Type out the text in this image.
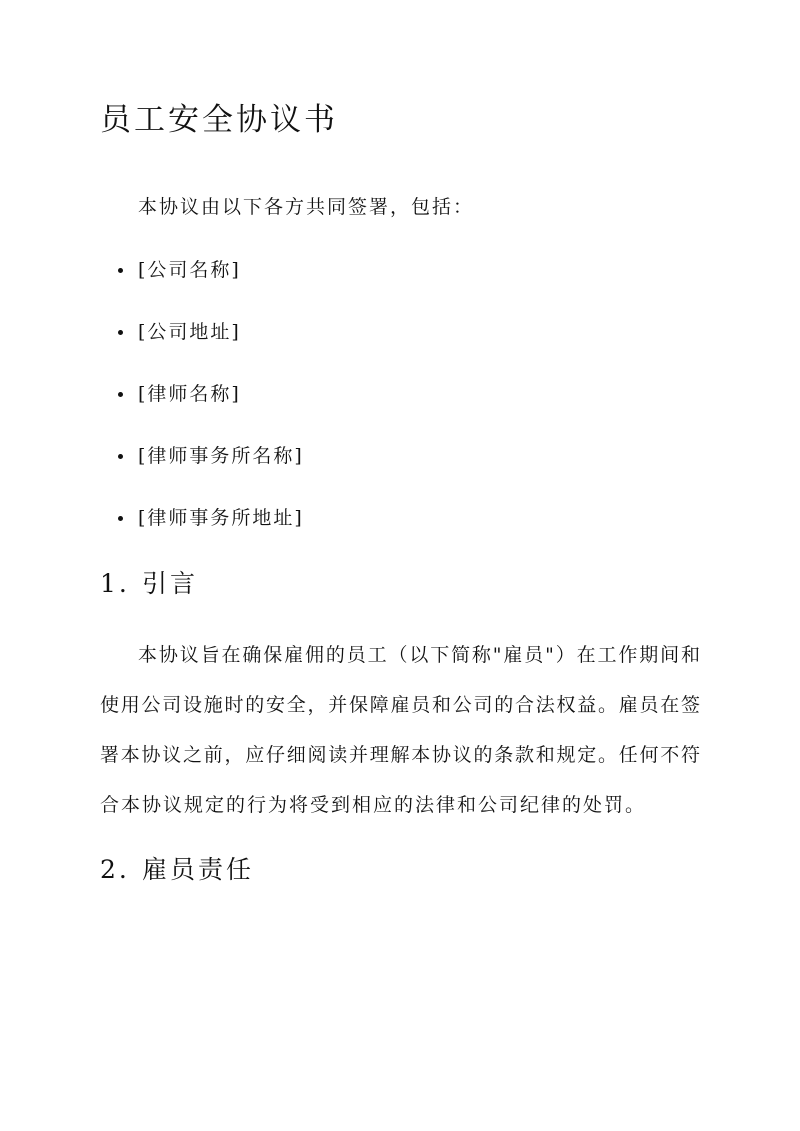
员工安全协议书

本协议由以下各方共同签署，包括：

[公司名称]
[公司地址]
[律师名称]
[律师事务所名称]
[律师事务所地址]
1. 引言
本协议旨在确保雇佣的员工（以下简称"雇员"）在工作期间和
使用公司设施时的安全，并保障雇员和公司的合法权益。雇员在签
署本协议之前，应仔细阅读并理解本协议的条款和规定。任何不符
合本协议规定的行为将受到相应的法律和公司纪律的处罚。
2. 雇员责任
